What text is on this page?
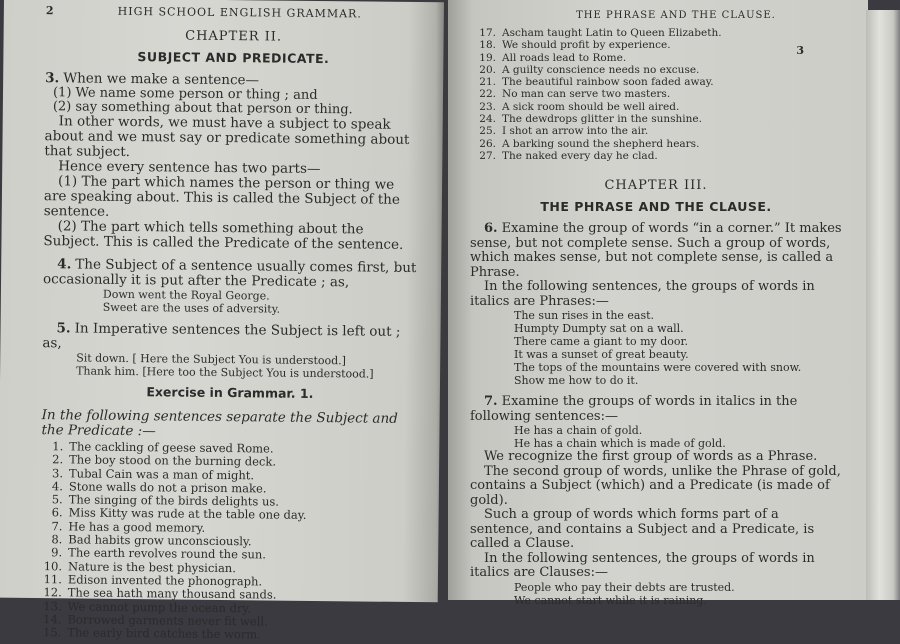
2	HIGH SCHOOL ENGLISH GRAMMAR.
CHAPTER II.
SUBJECT AND PREDICATE.

3. When we make a sentence—

(1) We name some person or thing ; and

(2) say something about that person or thing.

In other words, we must have a subject to speak about and we must say or predicate something about that subject.

Hence every sentence has two parts—

(1) The part which names the person or thing we are speaking about. This is called the Subject of the sentence.

(2) The part which tells something about the Subject. This is called the Predicate of the sentence.

4. The Subject of a sentence usually comes first, but occasionally it is put after the Predicate ; as,

Down went the Royal George.

Sweet are the uses of adversity.

5. In Imperative sentences the Subject is left out ; as,

Sit down. [ Here the Subject You is understood.]

Thank him. [Here too the Subject You is understood.]

Exercise in Grammar. 1.

In the following sentences separate the Subject and the Predicate :—

1. The cackling of geese saved Rome.
2. The boy stood on the burning deck.
3. Tubal Cain was a man of might.
4. Stone walls do not a prison make.
5. The singing of the birds delights us.
6. Miss Kitty was rude at the table one day.
7. He has a good memory.
8. Bad habits grow unconsciously.
9. The earth revolves round the sun.
10. Nature is the best physician.
11. Edison invented the phonograph.
12. The sea hath many thousand sands.
13. We cannot pump the ocean dry.
14. Borrowed garments never fit well.
15. The early bird catches the worm.
THE PHRASE AND THE CLAUSE.
3
17. Ascham taught Latin to Queen Elizabeth.
18. We should profit by experience.
19. All roads lead to Rome.
20. A guilty conscience needs no excuse.
21. The beautiful rainbow soon faded away.
22. No man can serve two masters.
23. A sick room should be well aired.
24. The dewdrops glitter in the sunshine.
25. I shot an arrow into the air.
26. A barking sound the shepherd hears.
27. The naked every day he clad.
CHAPTER III.
THE PHRASE AND THE CLAUSE.

6. Examine the group of words “in a corner.” It makes sense, but not complete sense. Such a group of words, which makes sense, but not complete sense, is called a Phrase.

In the following sentences, the groups of words in italics are Phrases:—

The sun rises in the east.

Humpty Dumpty sat on a wall.

There came a giant to my door.

It was a sunset of great beauty.

The tops of the mountains were covered with snow.

Show me how to do it.

7. Examine the groups of words in italics in the following sentences:—

He has a chain of gold.

He has a chain which is made of gold.

We recognize the first group of words as a Phrase.

The second group of words, unlike the Phrase of gold, contains a Subject (which) and a Predicate (is made of gold).

Such a group of words which forms part of a sentence, and contains a Subject and a Predicate, is called a Clause.

In the following sentences, the groups of words in italics are Clauses:—

People who pay their debts are trusted.

We cannot start while it is raining.
